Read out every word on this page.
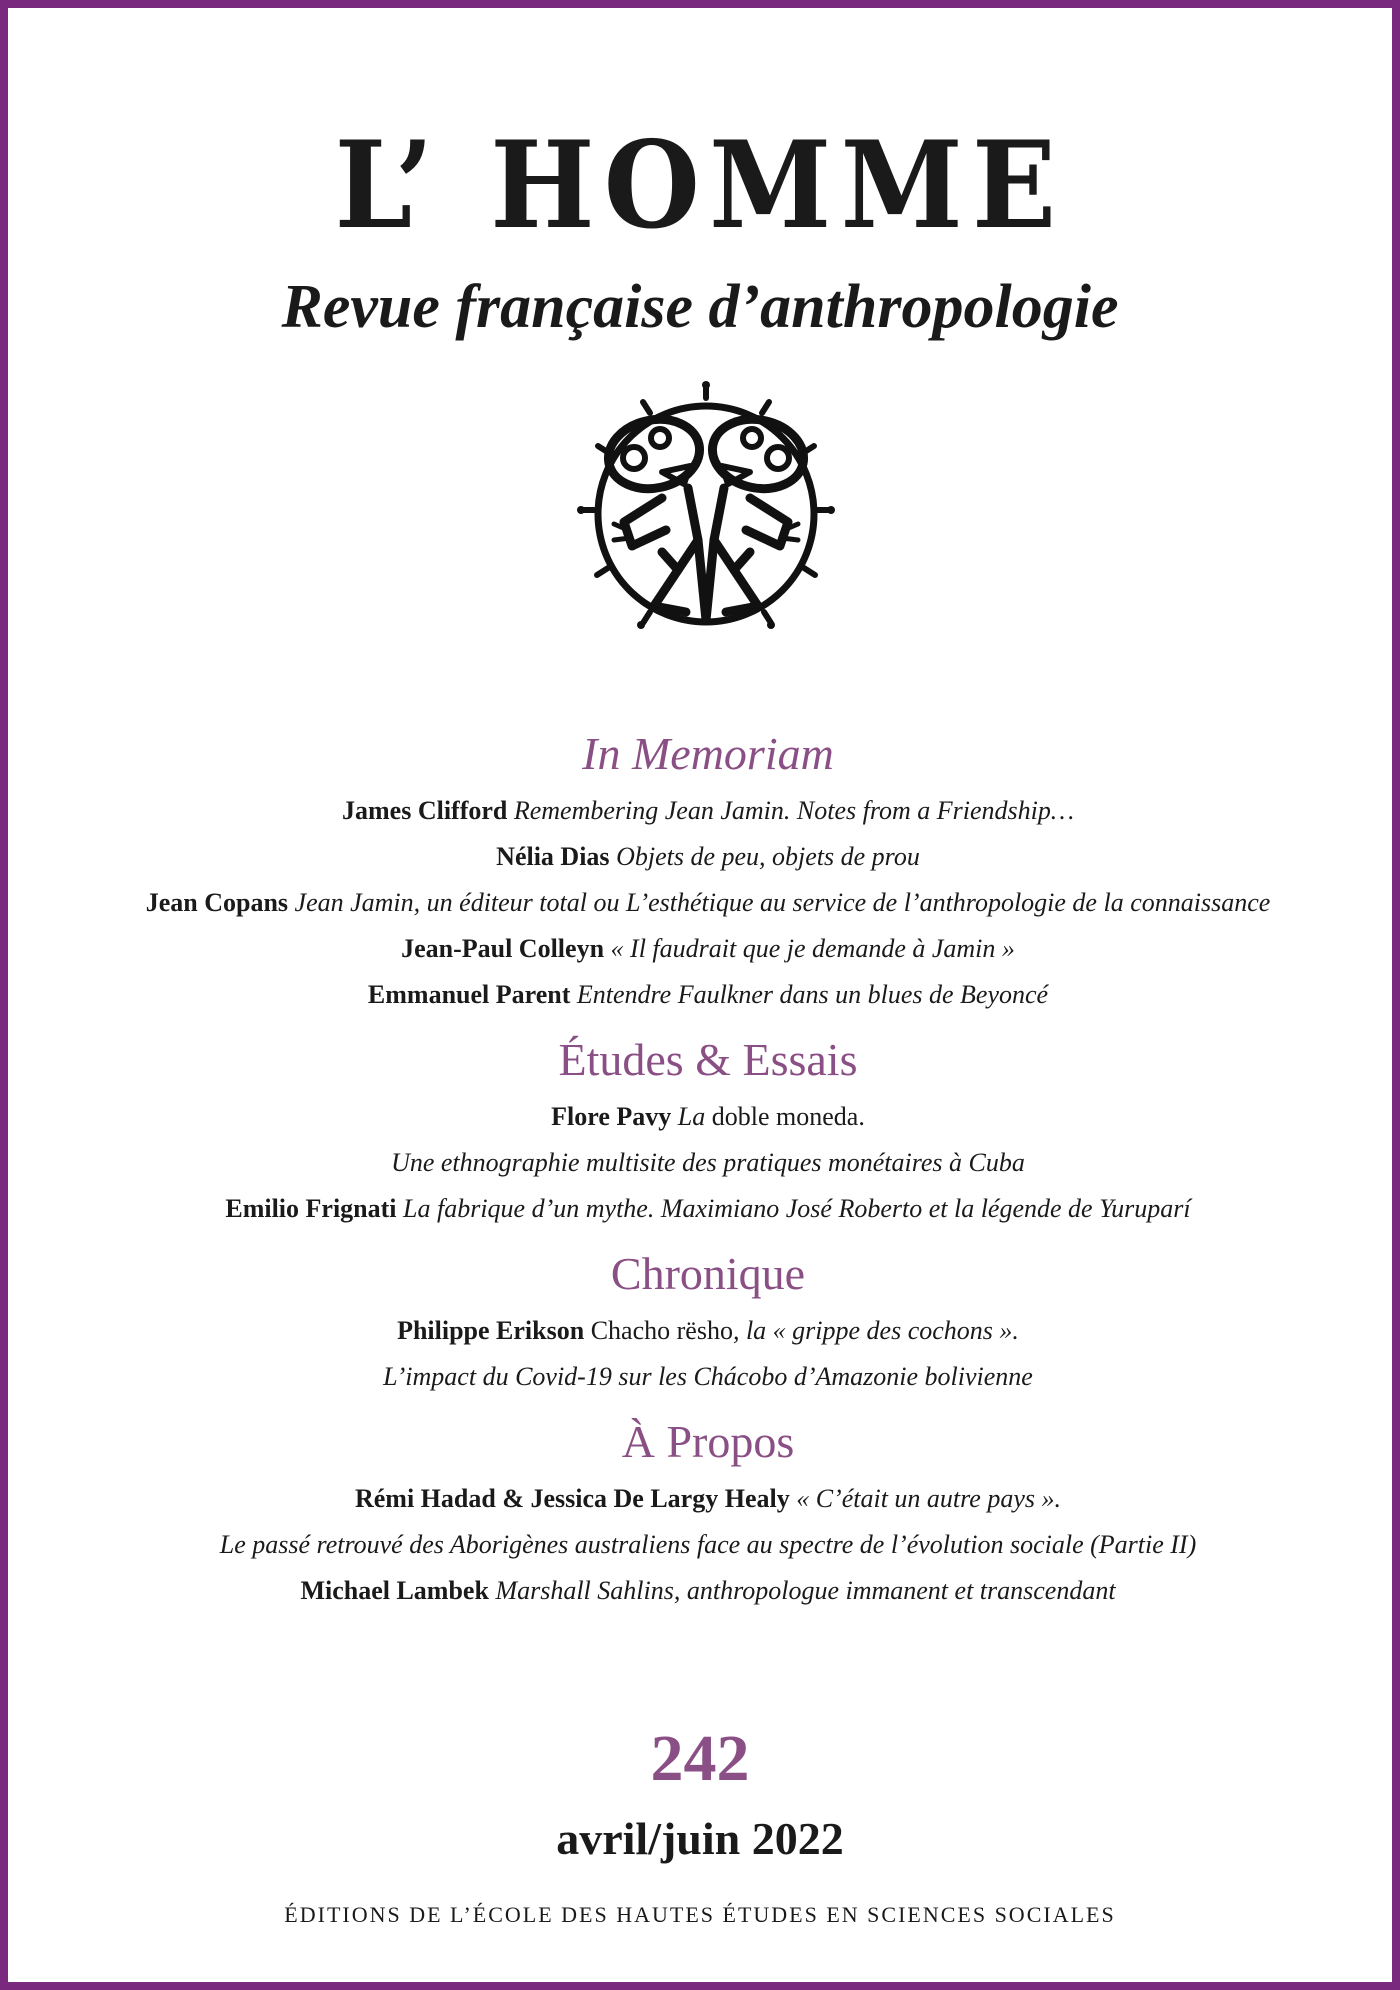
L’ HOMME
Revue française d’anthropologie
In Memoriam
James Clifford Remembering Jean Jamin. Notes from a Friendship…
Nélia Dias Objets de peu, objets de prou
Jean Copans Jean Jamin, un éditeur total ou L’esthétique au service de l’anthropologie de la connaissance
Jean-Paul Colleyn « Il faudrait que je demande à Jamin »
Emmanuel Parent Entendre Faulkner dans un blues de Beyoncé
Études & Essais
Flore Pavy La doble moneda.
Une ethnographie multisite des pratiques monétaires à Cuba
Emilio Frignati La fabrique d’un mythe. Maximiano José Roberto et la légende de Yuruparí
Chronique
Philippe Erikson Chacho rësho, la « grippe des cochons ».
L’impact du Covid-19 sur les Chácobo d’Amazonie bolivienne
À Propos
Rémi Hadad & Jessica De Largy Healy « C’était un autre pays ».
Le passé retrouvé des Aborigènes australiens face au spectre de l’évolution sociale (Partie II)
Michael Lambek Marshall Sahlins, anthropologue immanent et transcendant
242
avril/juin 2022
ÉDITIONS DE L’ÉCOLE DES HAUTES ÉTUDES EN SCIENCES SOCIALES
